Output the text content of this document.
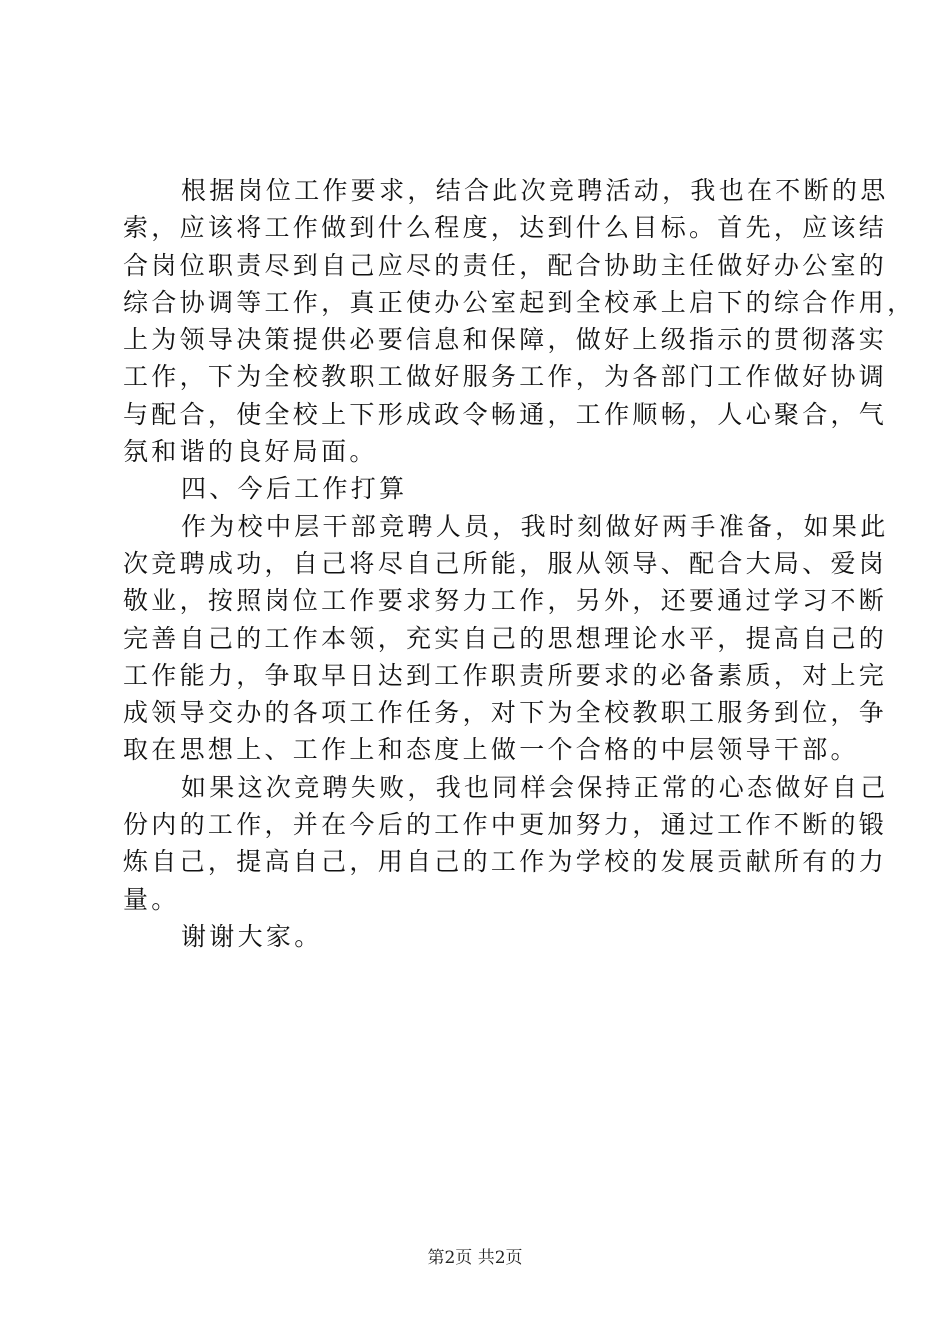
根据岗位工作要求，结合此次竞聘活动，我也在不断的思
索，应该将工作做到什么程度，达到什么目标。首先，应该结
合岗位职责尽到自己应尽的责任，配合协助主任做好办公室的
综合协调等工作，真正使办公室起到全校承上启下的综合作用，
上为领导决策提供必要信息和保障，做好上级指示的贯彻落实
工作，下为全校教职工做好服务工作，为各部门工作做好协调
与配合，使全校上下形成政令畅通，工作顺畅，人心聚合，气
氛和谐的良好局面。
四、今后工作打算
作为校中层干部竞聘人员，我时刻做好两手准备，如果此
次竞聘成功，自己将尽自己所能，服从领导、配合大局、爱岗
敬业，按照岗位工作要求努力工作，另外，还要通过学习不断
完善自己的工作本领，充实自己的思想理论水平，提高自己的
工作能力，争取早日达到工作职责所要求的必备素质，对上完
成领导交办的各项工作任务，对下为全校教职工服务到位，争
取在思想上、工作上和态度上做一个合格的中层领导干部。
如果这次竞聘失败，我也同样会保持正常的心态做好自己
份内的工作，并在今后的工作中更加努力，通过工作不断的锻
炼自己，提高自己，用自己的工作为学校的发展贡献所有的力
量。
谢谢大家。
第2页 共2页
